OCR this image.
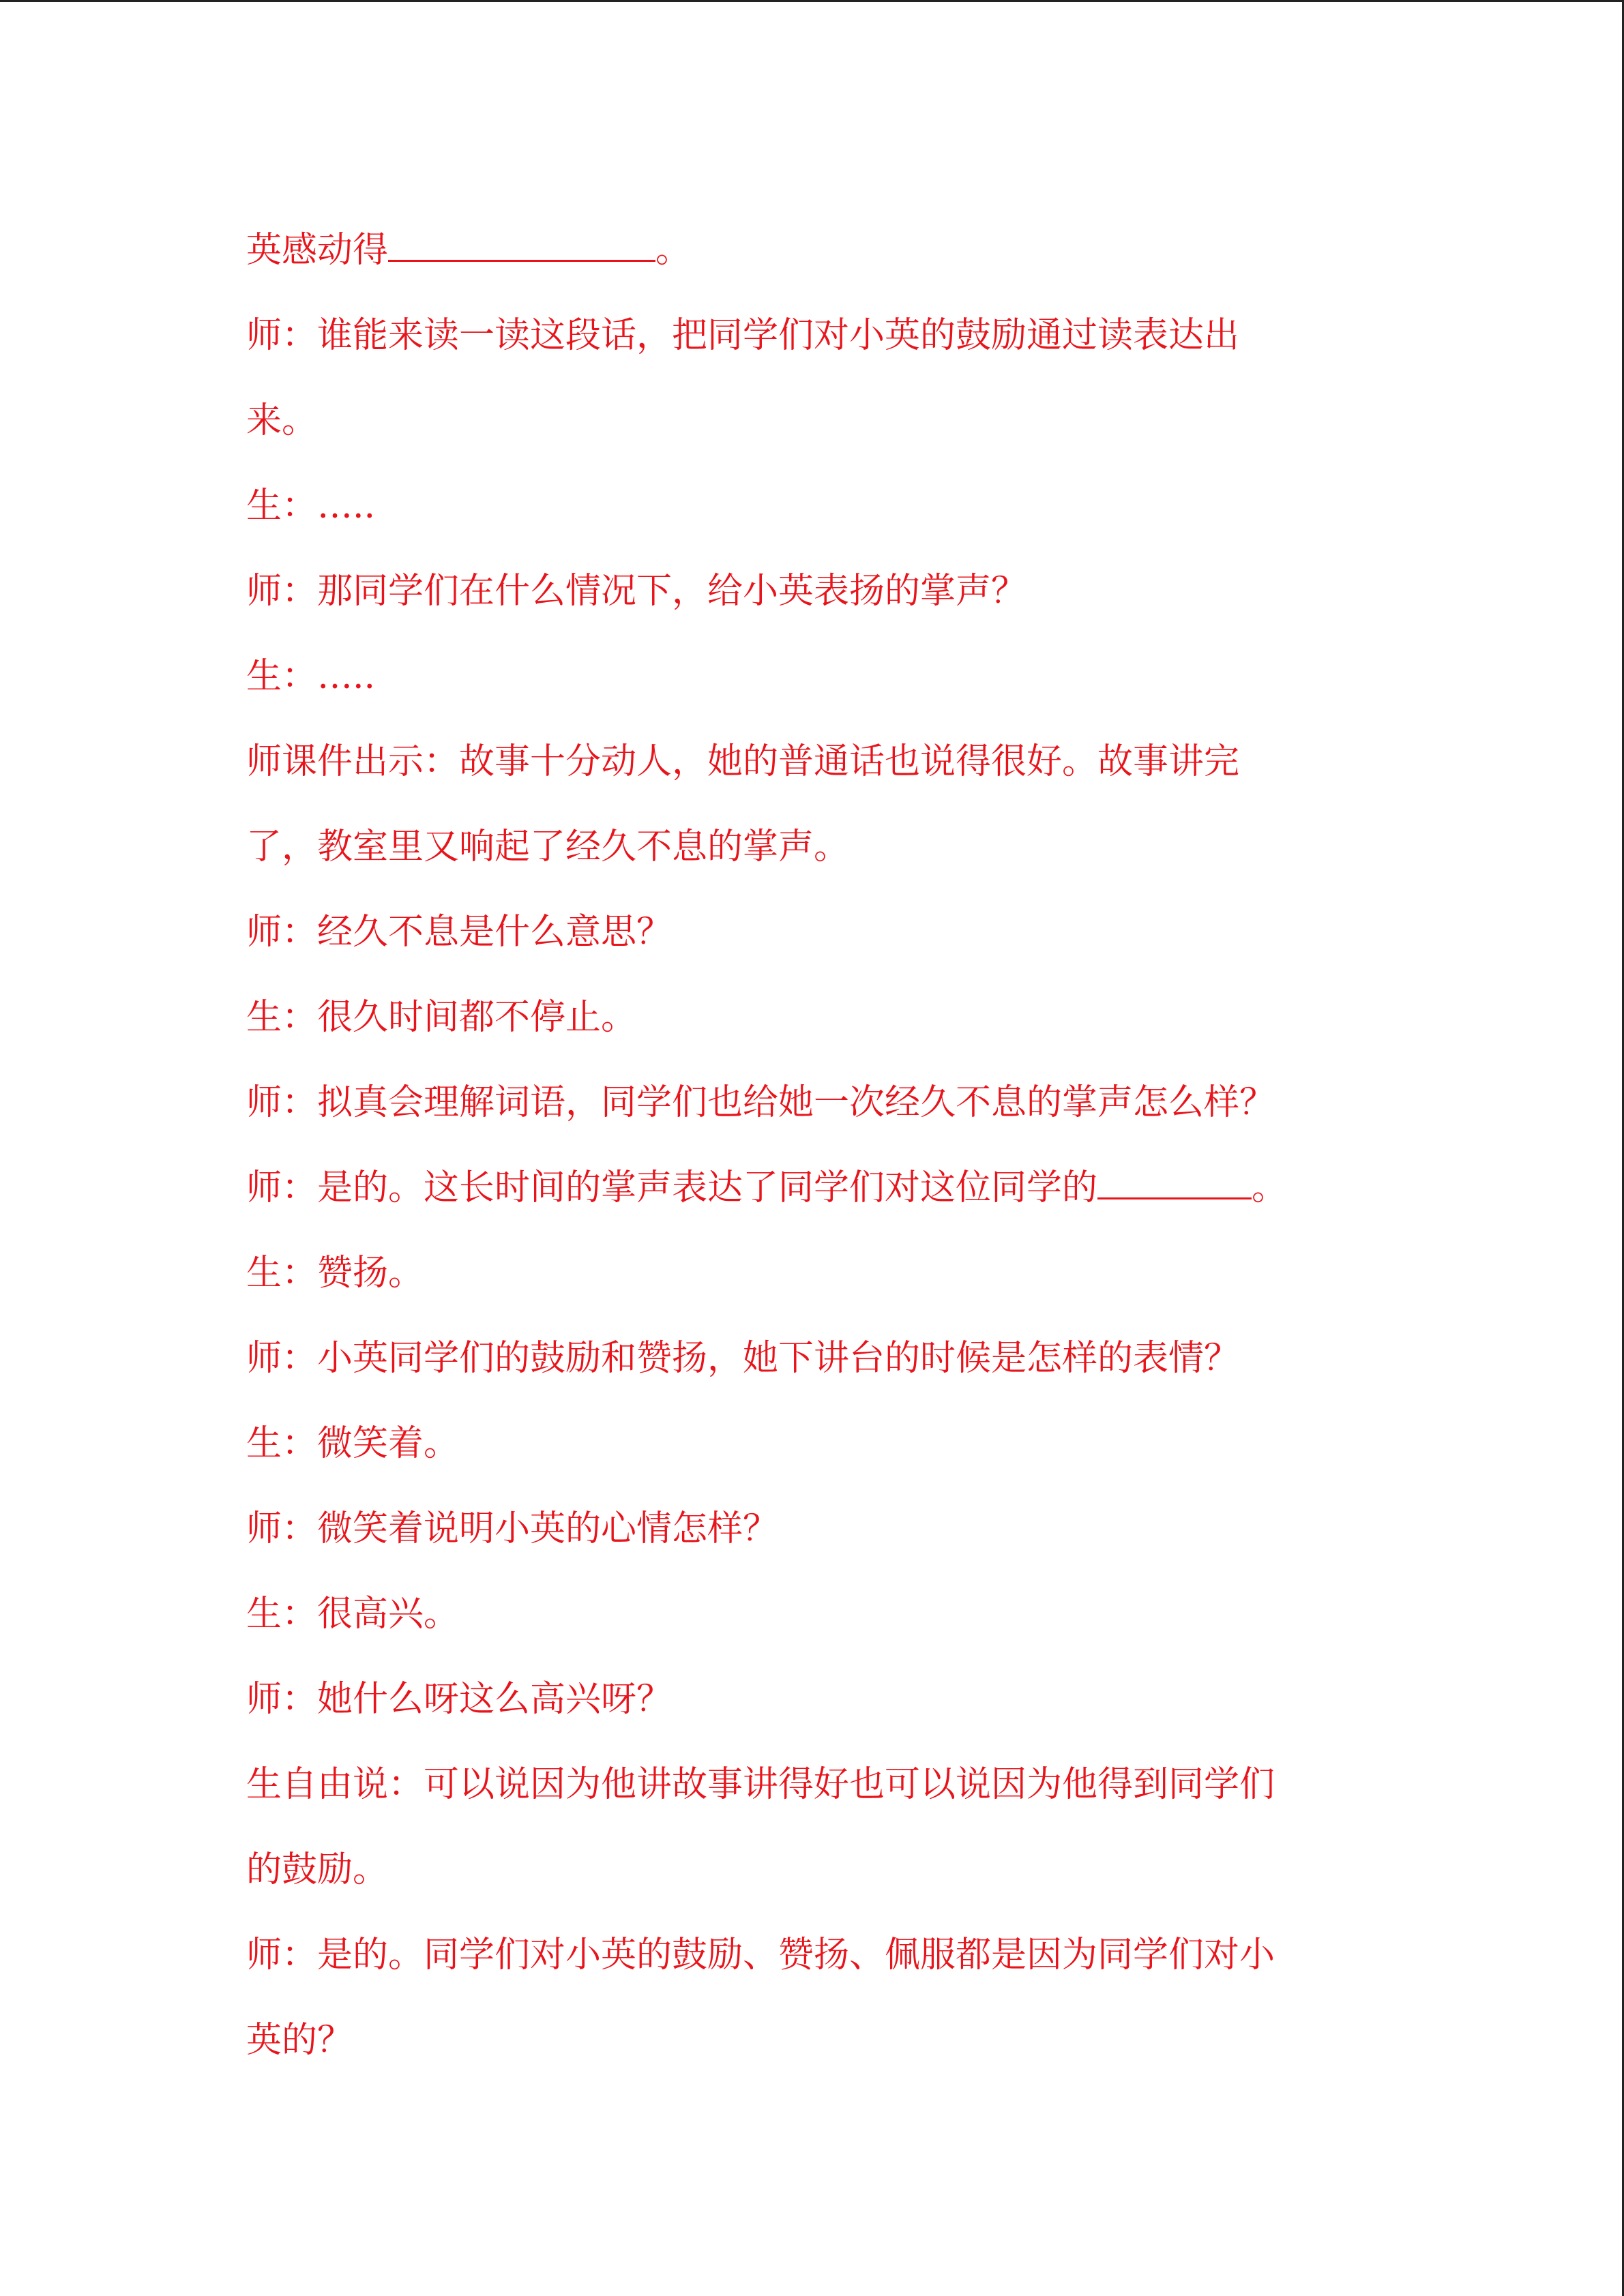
英感动得	。
师：谁能来读一读这段话，把同学们对小英的鼓励通过读表达出
来。
生：…..
师：那同学们在什么情况下，给小英表扬的掌声？
生：…..
师课件出示：故事十分动人，她的普通话也说得很好。故事讲完
了，教室里又响起了经久不息的掌声。
师：经久不息是什么意思？
生：很久时间都不停止。
师：拟真会理解词语，同学们也给她一次经久不息的掌声怎么样？
师：是的。这长时间的掌声表达了同学们对这位同学的	。
生：赞扬。
师：小英同学们的鼓励和赞扬，她下讲台的时候是怎样的表情？
生：微笑着。
师：微笑着说明小英的心情怎样？
生：很高兴。
师：她什么呀这么高兴呀？
生自由说：可以说因为他讲故事讲得好也可以说因为他得到同学们
的鼓励。
师：是的。同学们对小英的鼓励、赞扬、佩服都是因为同学们对小
英的？
